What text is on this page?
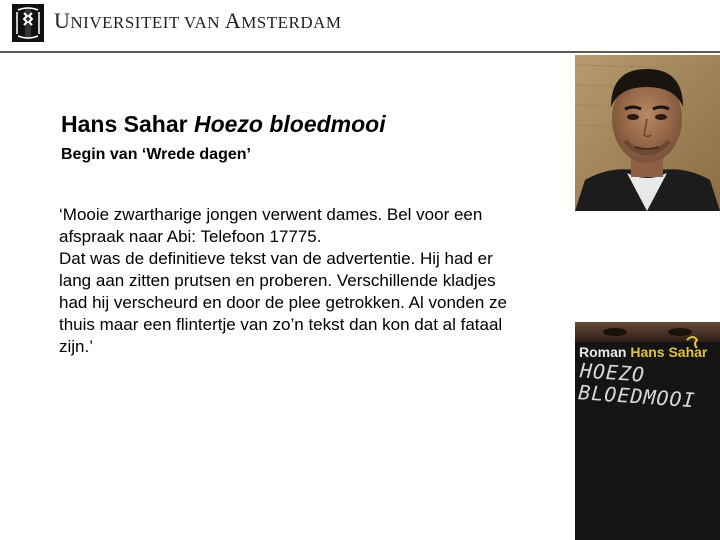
UNIVERSITEIT VAN AMSTERDAM
Hans Sahar Hoezo bloedmooi
Begin van ‘Wrede dagen’

‘Mooie zwartharige jongen verwent dames. Bel voor een afspraak naar Abi: Telefoon 17775.

Dat was de definitieve tekst van de advertentie. Hij had er lang aan zitten prutsen en proberen. Verschillende kladjes had hij verscheurd en door de plee getrokken. Al vonden ze thuis maar een flintertje van zo’n tekst dan kon dat al fataal zijn.’	Roman Hans Sahar
HOEZO BLOEDMOOI
